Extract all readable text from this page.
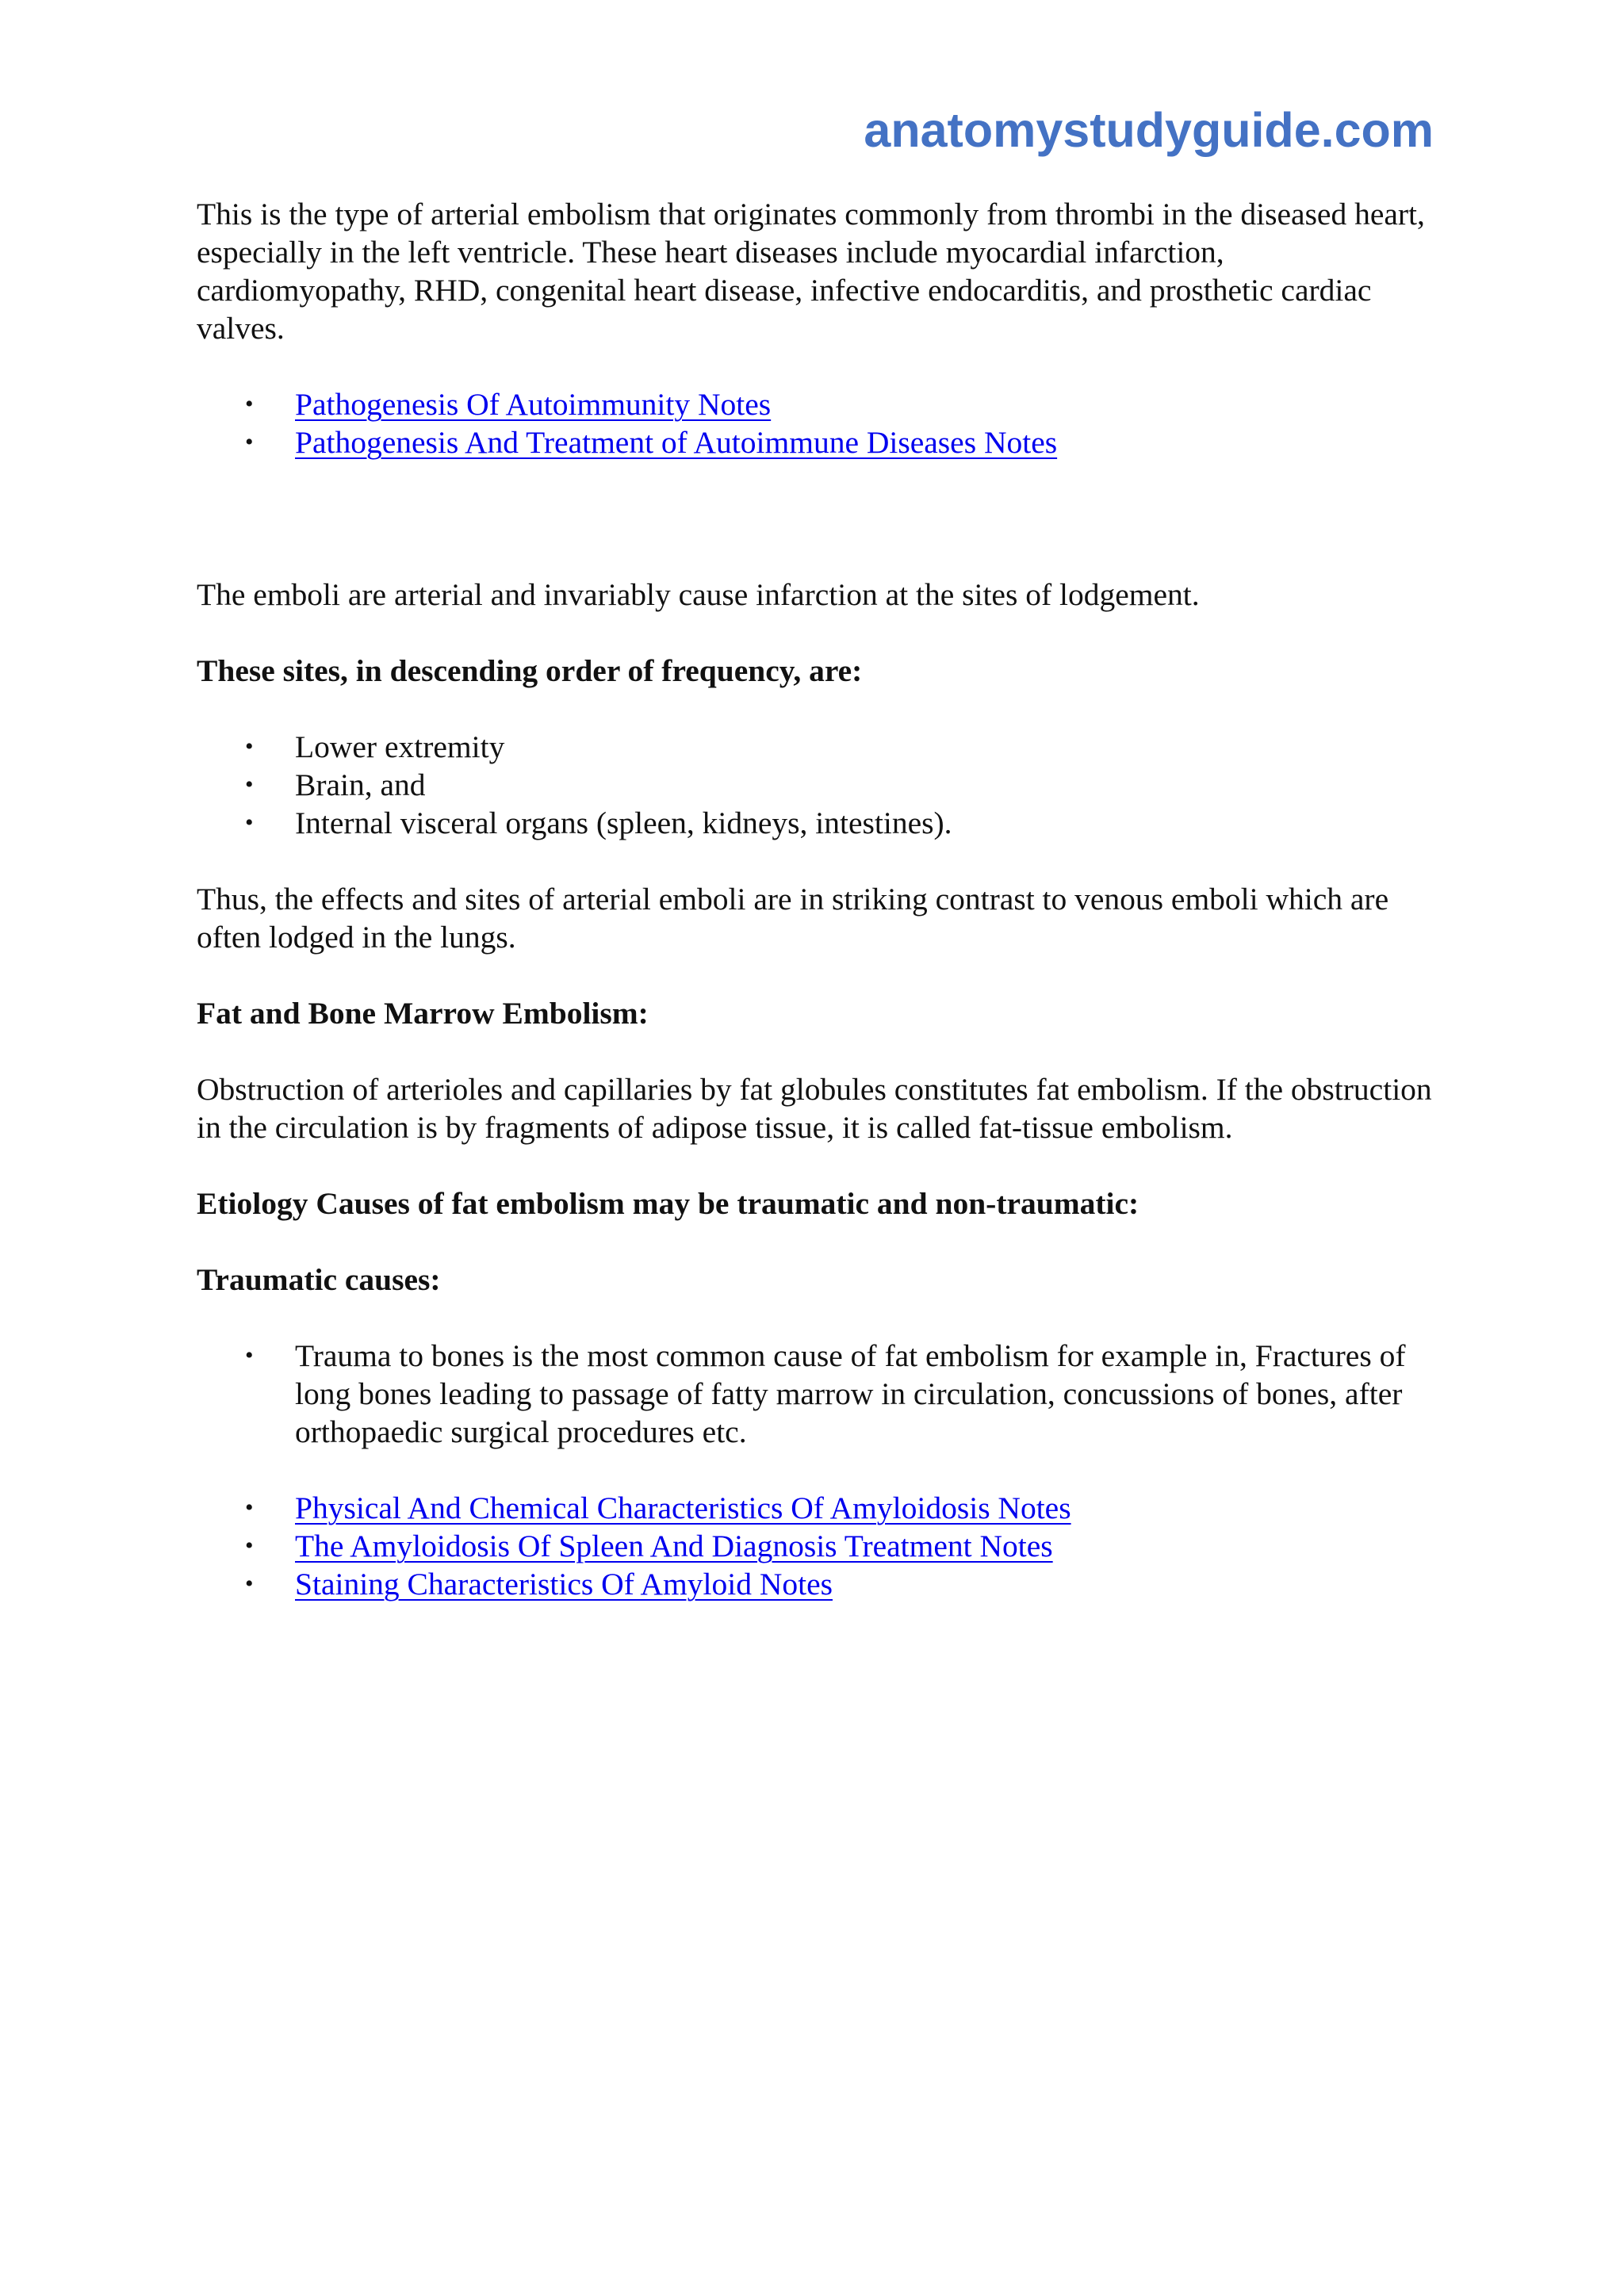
anatomystudyguide.com

This is the type of arterial embolism that originates commonly from thrombi in the diseased heart, especially in the left ventricle. These heart diseases include myocardial infarction, cardiomyopathy, RHD, congenital heart disease, infective endocarditis, and prosthetic cardiac valves.

• Pathogenesis Of Autoimmunity Notes
• Pathogenesis And Treatment of Autoimmune Diseases Notes

The emboli are arterial and invariably cause infarction at the sites of lodgement.

These sites, in descending order of frequency, are:

• Lower extremity
• Brain, and
• Internal visceral organs (spleen, kidneys, intestines).

Thus, the effects and sites of arterial emboli are in striking contrast to venous emboli which are often lodged in the lungs.

Fat and Bone Marrow Embolism:

Obstruction of arterioles and capillaries by fat globules constitutes fat embolism. If the obstruction in the circulation is by fragments of adipose tissue, it is called fat-tissue embolism.

Etiology Causes of fat embolism may be traumatic and non-traumatic:

Traumatic causes:

• Trauma to bones is the most common cause of fat embolism for example in, Fractures of long bones leading to passage of fatty marrow in circulation, concussions of bones, after orthopaedic surgical procedures etc.
• Physical And Chemical Characteristics Of Amyloidosis Notes
• The Amyloidosis Of Spleen And Diagnosis Treatment Notes
• Staining Characteristics Of Amyloid Notes
